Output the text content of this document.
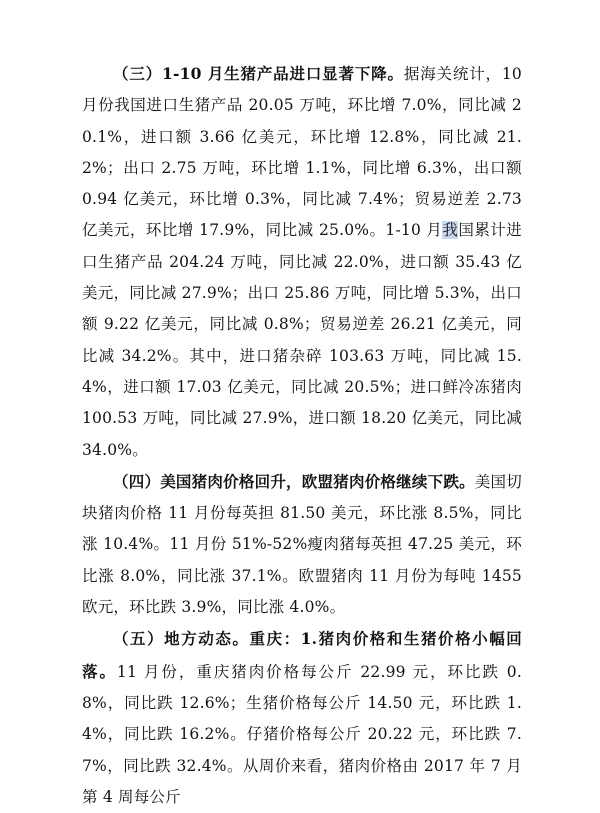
（三）1-10 月生猪产品进口显著下降。据海关统计，10 月份我国进口生猪产品 20.05 万吨，环比增 7.0%，同比减 20.1%，进口额 3.66 亿美元，环比增 12.8%，同比减 21.2%；出口 2.75 万吨，环比增 1.1%，同比增 6.3%，出口额 0.94 亿美元，环比增 0.3%，同比减 7.4%；贸易逆差 2.73 亿美元，环比增 17.9%，同比减 25.0%。1-10 月我国累计进口生猪产品 204.24 万吨，同比减 22.0%，进口额 35.43 亿美元，同比减 27.9%；出口 25.86 万吨，同比增 5.3%，出口额 9.22 亿美元，同比减 0.8%；贸易逆差 26.21 亿美元，同比减 34.2%。其中，进口猪杂碎 103.63 万吨，同比减 15.4%，进口额 17.03 亿美元，同比减 20.5%；进口鲜冷冻猪肉 100.53 万吨，同比减 27.9%，进口额 18.20 亿美元，同比减 34.0%。

（四）美国猪肉价格回升，欧盟猪肉价格继续下跌。美国切块猪肉价格 11 月份每英担 81.50 美元，环比涨 8.5%，同比涨 10.4%。11 月份 51%-52%瘦肉猪每英担 47.25 美元，环比涨 8.0%，同比涨 37.1%。欧盟猪肉 11 月份为每吨 1455 欧元，环比跌 3.9%，同比涨 4.0%。

（五）地方动态。重庆：1.猪肉价格和生猪价格小幅回落。11 月份，重庆猪肉价格每公斤 22.99 元，环比跌 0.8%，同比跌 12.6%；生猪价格每公斤 14.50 元，环比跌 1.4%，同比跌 16.2%。仔猪价格每公斤 20.22 元，环比跌 7.7%，同比跌 32.4%。从周价来看，猪肉价格由 2017 年 7 月第 4 周每公斤
